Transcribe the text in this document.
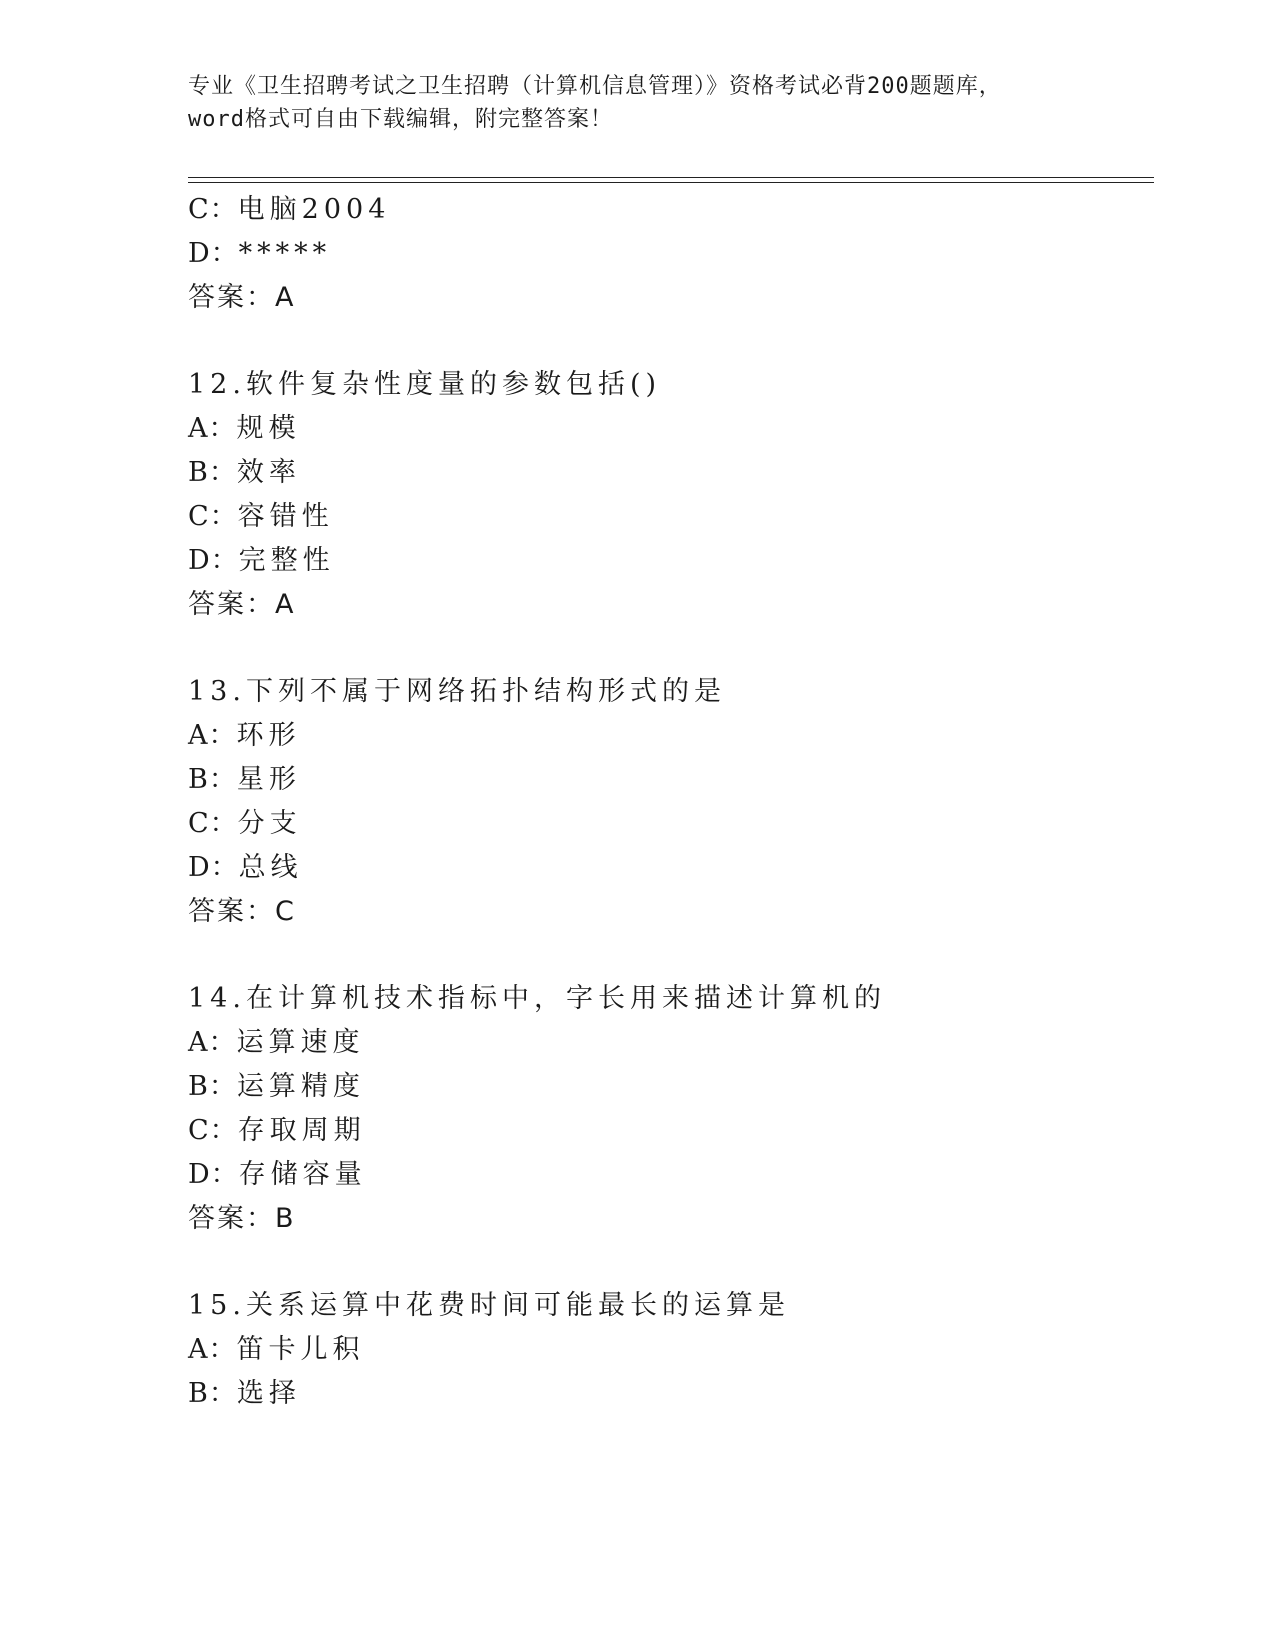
专业《卫生招聘考试之卫生招聘（计算机信息管理）》资格考试必背200题题库，
word格式可自由下载编辑，附完整答案！
C：电脑2004
D：*****
答案：A
12.软件复杂性度量的参数包括()
A：规模
B：效率
C：容错性
D：完整性
答案：A
13.下列不属于网络拓扑结构形式的是
A：环形
B：星形
C：分支
D：总线
答案：C
14.在计算机技术指标中，字长用来描述计算机的
A：运算速度
B：运算精度
C：存取周期
D：存储容量
答案：B
15.关系运算中花费时间可能最长的运算是
A：笛卡儿积
B：选择
